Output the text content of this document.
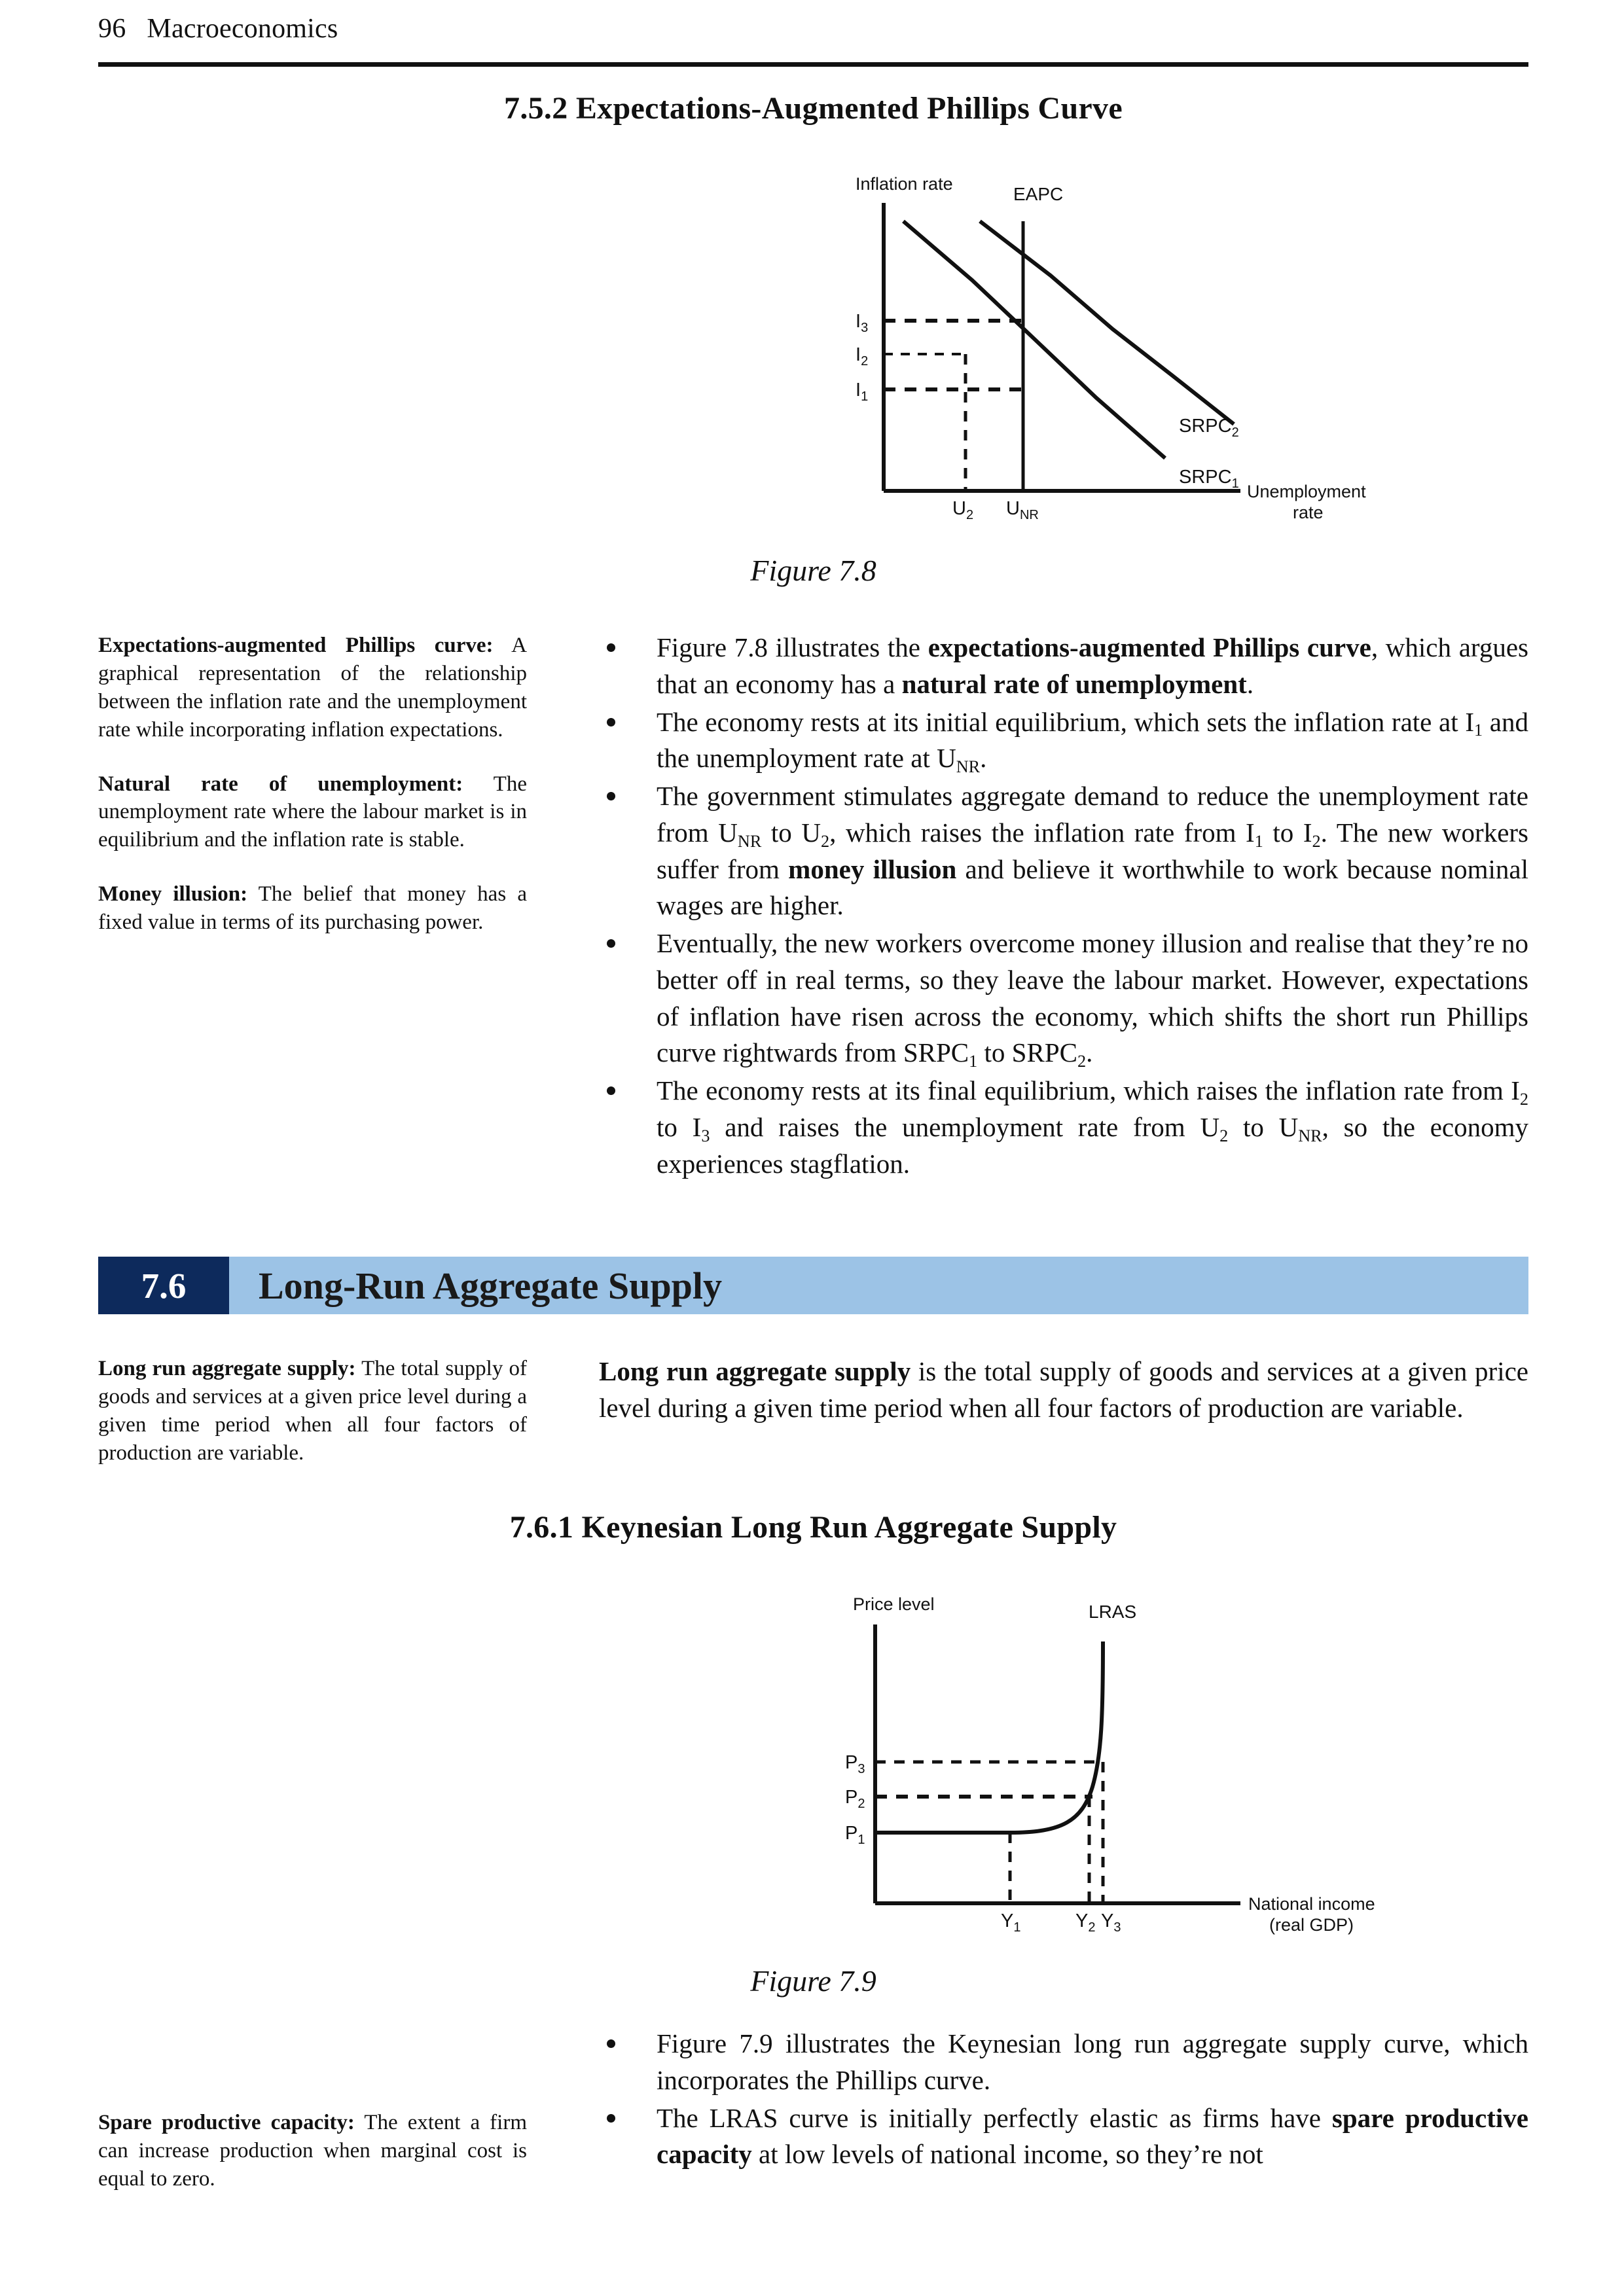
96 Macroeconomics
7.5.2 Expectations-Augmented Phillips Curve
Inflation rate	EAPC
$I_3$
$I_2$
$I_1$
$U_2$ $U_{NR}$
$SRPC_2$
$SRPC_1$ Unemployment
rate
Figure 7.8

Expectations-augmented Phillips curve: A graphical representation of the relationship between the inflation rate and the unemployment rate while incorporating inflation expectations.

Natural rate of unemployment: The unemployment rate where the labour market is in equilibrium and the inflation rate is stable.

Money illusion: The belief that money has a fixed value in terms of its purchasing power.

Figure 7.8 illustrates the expectations-augmented Phillips curve, which argues that an economy has a natural rate of unemployment.
The economy rests at its initial equilibrium, which sets the inflation rate at $I_1$ and the unemployment rate at $U_{NR}$.
The government stimulates aggregate demand to reduce the unemployment rate from $U_{NR}$ to $U_2$, which raises the inflation rate from $I_1$ to $I_2$. The new workers suffer from money illusion and believe it worthwhile to work because nominal wages are higher.
Eventually, the new workers overcome money illusion and realise that they’re no better off in real terms, so they leave the labour market. However, expectations of inflation have risen across the economy, which shifts the short run Phillips curve rightwards from $SRPC_1$ to $SRPC_2$.
The economy rests at its final equilibrium, which raises the inflation rate from $I_2$ to $I_3$ and raises the unemployment rate from $U_2$ to $U_{NR}$, so the economy experiences stagflation.
7.6	Long-Run Aggregate Supply

Long run aggregate supply: The total supply of goods and services at a given price level during a given time period when all four factors of production are variable.

Long run aggregate supply is the total supply of goods and services at a given price level during a given time period when all four factors of production are variable.

7.6.1 Keynesian Long Run Aggregate Supply
Price level	LRAS
$P_3$
$P_2$
$P_1$
$Y_1$	$Y_2$ $Y_3$
National income
(real GDP)
Figure 7.9
Figure 7.9 illustrates the Keynesian long run aggregate supply curve, which incorporates the Phillips curve.
The LRAS curve is initially perfectly elastic as firms have spare productive capacity at low levels of national income, so they’re not

Spare productive capacity: The extent a firm can increase production when marginal cost is equal to zero.
